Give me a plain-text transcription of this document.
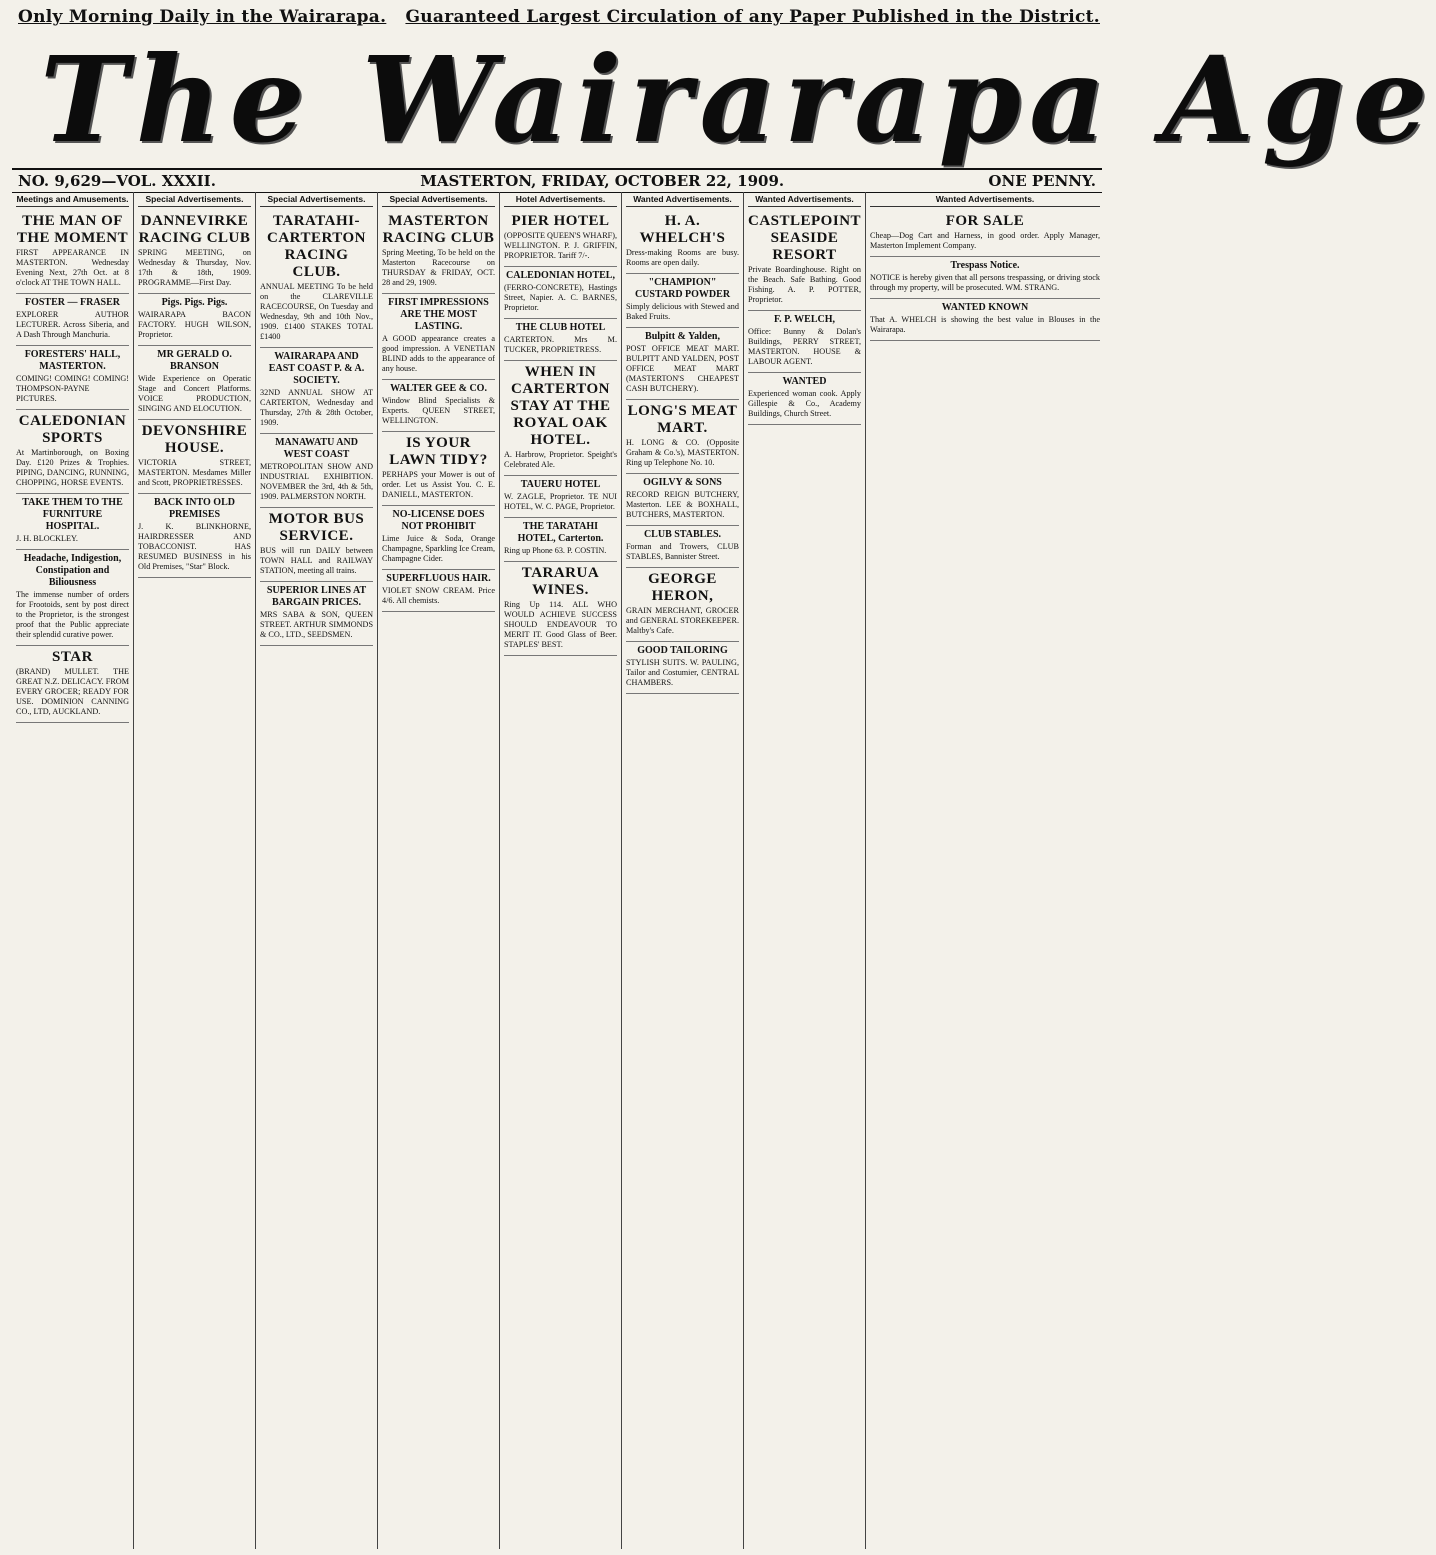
Only Morning Daily in the Wairarapa. Guaranteed Largest Circulation of any Paper Published in the District.
The Wairarapa Age
NO. 9,629—VOL. XXXII.	MASTERTON, FRIDAY, OCTOBER 22, 1909.	ONE PENNY.
Meetings and Amusements.
THE MAN OF THE MOMENT

FIRST APPEARANCE IN MASTERTON. Wednesday Evening Next, 27th Oct. at 8 o'clock AT THE TOWN HALL.

FOSTER — FRASER

EXPLORER AUTHOR LECTURER. Across Siberia, and A Dash Through Manchuria.

FORESTERS' HALL, MASTERTON.

COMING! COMING! COMING! THOMPSON-PAYNE PICTURES.

CALEDONIAN SPORTS

At Martinborough, on Boxing Day. £120 Prizes & Trophies. PIPING, DANCING, RUNNING, CHOPPING, HORSE EVENTS.

TAKE THEM TO THE FURNITURE HOSPITAL.

J. H. BLOCKLEY.

Headache, Indigestion, Constipation and Biliousness

The immense number of orders for Frootoids, sent by post direct to the Proprietor, is the strongest proof that the Public appreciate their splendid curative power.

STAR

(BRAND) MULLET. THE GREAT N.Z. DELICACY. FROM EVERY GROCER; READY FOR USE. DOMINION CANNING CO., LTD, AUCKLAND.

Special Advertisements.
DANNEVIRKE RACING CLUB

SPRING MEETING, on Wednesday & Thursday, Nov. 17th & 18th, 1909. PROGRAMME—First Day.

Pigs. Pigs. Pigs.

WAIRARAPA BACON FACTORY. HUGH WILSON, Proprietor.

MR GERALD O. BRANSON

Wide Experience on Operatic Stage and Concert Platforms. VOICE PRODUCTION, SINGING AND ELOCUTION.

DEVONSHIRE HOUSE.

VICTORIA STREET, MASTERTON. Mesdames Miller and Scott, PROPRIETRESSES.

BACK INTO OLD PREMISES

J. K. BLINKHORNE, HAIRDRESSER AND TOBACCONIST. HAS RESUMED BUSINESS in his Old Premises, "Star" Block.

Special Advertisements.
TARATAHI-CARTERTON RACING CLUB.

ANNUAL MEETING To be held on the CLAREVILLE RACECOURSE, On Tuesday and Wednesday, 9th and 10th Nov., 1909. £1400 STAKES TOTAL £1400

WAIRARAPA AND EAST COAST P. & A. SOCIETY.

32ND ANNUAL SHOW AT CARTERTON, Wednesday and Thursday, 27th & 28th October, 1909.

MANAWATU AND WEST COAST

METROPOLITAN SHOW AND INDUSTRIAL EXHIBITION. NOVEMBER the 3rd, 4th & 5th, 1909. PALMERSTON NORTH.

MOTOR BUS SERVICE.

BUS will run DAILY between TOWN HALL and RAILWAY STATION, meeting all trains.

SUPERIOR LINES AT BARGAIN PRICES.

MRS SABA & SON, QUEEN STREET. ARTHUR SIMMONDS & CO., LTD., SEEDSMEN.

Special Advertisements.
MASTERTON RACING CLUB

Spring Meeting, To be held on the Masterton Racecourse on THURSDAY & FRIDAY, OCT. 28 and 29, 1909.

FIRST IMPRESSIONS ARE THE MOST LASTING.

A GOOD appearance creates a good impression. A VENETIAN BLIND adds to the appearance of any house.

WALTER GEE & CO.

Window Blind Specialists & Experts. QUEEN STREET, WELLINGTON.

IS YOUR LAWN TIDY?

PERHAPS your Mower is out of order. Let us Assist You. C. E. DANIELL, MASTERTON.

NO-LICENSE DOES NOT PROHIBIT

Lime Juice & Soda, Orange Champagne, Sparkling Ice Cream, Champagne Cider.

SUPERFLUOUS HAIR.

VIOLET SNOW CREAM. Price 4/6. All chemists.

Hotel Advertisements.
PIER HOTEL

(OPPOSITE QUEEN'S WHARF), WELLINGTON. P. J. GRIFFIN, PROPRIETOR. Tariff 7/-.

CALEDONIAN HOTEL,

(FERRO-CONCRETE), Hastings Street, Napier. A. C. BARNES, Proprietor.

THE CLUB HOTEL

CARTERTON. Mrs M. TUCKER, PROPRIETRESS.

WHEN IN CARTERTON STAY AT THE ROYAL OAK HOTEL.

A. Harbrow, Proprietor. Speight's Celebrated Ale.

TAUERU HOTEL

W. ZAGLE, Proprietor. TE NUI HOTEL, W. C. PAGE, Proprietor.

THE TARATAHI HOTEL, Carterton.

Ring up Phone 63. P. COSTIN.

TARARUA WINES.

Ring Up 114. ALL WHO WOULD ACHIEVE SUCCESS SHOULD ENDEAVOUR TO MERIT IT. Good Glass of Beer. STAPLES' BEST.

Wanted Advertisements.
H. A. WHELCH'S

Dress-making Rooms are busy. Rooms are open daily.

"CHAMPION" CUSTARD POWDER

Simply delicious with Stewed and Baked Fruits.

Bulpitt & Yalden,

POST OFFICE MEAT MART. BULPITT AND YALDEN, POST OFFICE MEAT MART (MASTERTON'S CHEAPEST CASH BUTCHERY).

LONG'S MEAT MART.

H. LONG & CO. (Opposite Graham & Co.'s), MASTERTON. Ring up Telephone No. 10.

OGILVY & SONS

RECORD REIGN BUTCHERY, Masterton. LEE & BOXHALL, BUTCHERS, MASTERTON.

CLUB STABLES.

Forman and Trowers, CLUB STABLES, Bannister Street.

GEORGE HERON,

GRAIN MERCHANT, GROCER and GENERAL STOREKEEPER. Maltby's Cafe.

GOOD TAILORING

STYLISH SUITS. W. PAULING, Tailor and Costumier, CENTRAL CHAMBERS.

Wanted Advertisements.
CASTLEPOINT SEASIDE RESORT

Private Boardinghouse. Right on the Beach. Safe Bathing. Good Fishing. A. P. POTTER, Proprietor.

F. P. WELCH,

Office: Bunny & Dolan's Buildings, PERRY STREET, MASTERTON. HOUSE & LABOUR AGENT.

WANTED

Experienced woman cook. Apply Gillespie & Co., Academy Buildings, Church Street.

Wanted Advertisements.
FOR SALE

Cheap—Dog Cart and Harness, in good order. Apply Manager, Masterton Implement Company.

Trespass Notice.

NOTICE is hereby given that all persons trespassing, or driving stock through my property, will be prosecuted. WM. STRANG.

WANTED KNOWN

That A. WHELCH is showing the best value in Blouses in the Wairarapa.
